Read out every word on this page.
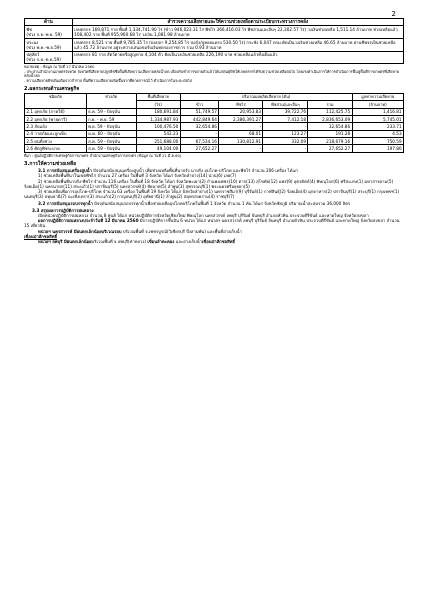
2
ด้าน	สำรวจความเสียหายและให้ความช่วยเหลือตามระเบียบกระทรวงการคลัง

พืช
(ช่วง ก.ย.-พ.ย. 59)	เกษตรกร 169,871 ราย พื้นที่ 1,334,741.90 ไร่ (ข้าว 946,023.31 ไร่ พืชไร่ 366,416.03 ไร่ พืชสวนและอื่นๆ 22,302.57 ไร่) วงเงินช่วยเหลือ 1,511.14 ล้านบาท ช่วยเหลือแล้ว 108,402 ราย พื้นที่ 955,960.68 ไร่ วงเงิน 1,081.98 ล้านบาท

ประมง
(ช่วง พ.ค.-พ.ย.59)	เกษตรกร 8,521 ราย พื้นที่ 9,785.35 ไร่ (บ่อปลา 9,254.85 ไร่ บ่อกุ้ง/ปูหอยแครง 530.50 ไร่) กระชัง 6,047 ตรม.คิดเป็นวงเงินช่วยเหลือ 46.65 ล้านบาท ผ่านชีพจรเป็นช่วยเหลือแล้ว 45.72 ล้านบาท อยู่ระหว่างเสนอขอรับเงินทดรองราชการ รวม 0.93 ล้านบาท

ปศุสัตว์
(ช่วง ก.ย.-ต.ค.59)	เกษตรกร 81 ราย สัตว์ตายหรือสูญหาย 4,104 ตัว คิดเป็นวงเงินช่วยเหลือ 226,190 บาท ช่วยเหลือแล้วทั้งเต็มแล้ว

หมายเหตุ : ข้อมูล ณ วันที่ 17 มีนาคม 2560

- ประสานสำนักงานเกษตรจังหวัด จังหวัดที่เสียหายปลูกพืชซึ่งพื้นที่เกิดความเสียหายหลังน้ำลด เพื่อปรับทำการขยายตัวแล้วได้แก่พันธุ์พืชให้เกษตรกรได้รับความช่วยเหลือต่อไป โดยเร่งดำเนินการให้การดำเนินการฟื้นฟูพื้นที่การเกษตรที่เสียหายหลังน้ำลด

- ความเสียหายพืชเพิ่มเติมจากสำรวจ พื้นที่ความเสียหายเพิ่มขึ้นจากที่คาดการณ์ไว้ ดำเนินการในระยะต่อไป

2.ผลกระทบด้านเศรษฐกิจ
ชนิดภัย	ช่วงภัย	พื้นที่เสียหาย	ปริมาณผลผลิตเสียหาย (ตัน)				มูลค่าความเสียหาย
		(ไร่)	ข้าว	พืชไร่	พืชสวน/และอื่นๆ	รวม	(ล้านบาท)
2.1 อุทกภัย (ภาคใต้)	ธ.ค. 59 - ปัจจุบัน	180,691.84	51,749.57	20,953.83	39,722.76	112,425.75	1,416.81
2.2 อุทกภัย (พายุดาวี)	ก.ย. - พ.ย. 59	1,334,987.93	442,849.64	2,386,391.27	7,412.18	2,836,653.09	5,745.01
2.3 ภัยแล้ง	พ.ย. 59 - ปัจจุบัน	100,476.50	32,654.86	-	-	32,654.86	233.71
2.4 วาตภัยและลูกเห็บ	ม.ค. 60 - ปัจจุบัน	542.23	-	68.01	123.27	191.28	4.53
2.5 ฝนทิ้งช่วง	ส.ค. 59 - ปัจจุบัน	251,688.00	67,534.16	130,812.91	332.09	218,679.16	750.59
2.6 ศัตรูพืชระบาด	ส.ค. 59 - ปัจจุบัน	49,104.00	27,652.27	-	-	27,652.27	197.86
ที่มา : ศูนย์ปฏิบัติการเศรษฐกิจการเกษตร สำนักงานเศรษฐกิจการเกษตร (ข้อมูล ณ วันที่ 21 มี.ค.60)
3.การให้ความช่วยเหลือ

3.1 การสนับสนุนเครื่องสูบน้ำ ปัจจุบันสนับสนุนเครื่องสูบน้ำ เพื่อช่วยเหลือพื้นที่นาปรัง นาปรัง อุปโภค-บริโภค และพืชไร่ จำนวน 206 เครื่อง ได้แก่

1) ช่วยเหลือพื้นที่นาในเขตพืชไร่ จำนวน 27 เครื่อง ในพื้นที่ 3 จังหวัด ได้แก่ จังหวัดลำปาง(14) น่าน(6) เลย(7)

2) ช่วยเหลือพื้นที่นาปรัง-พืชไร่ จำนวน 116 เครื่อง ในพื้นที่ 18 จังหวัด ได้แก่ จังหวัดพะเยา(2) กำแพงเพชร(10) ตาก(13) สุโขทัย(12) แพร่(9) อุตรดิตถ์(4) พิษณุโลก(6) ศรีสะเกษ(1) มหาสารคาม(5) ร้อยเอ็ด(1) นครนายก(11) สระแก้ว(1) ปราจีนบุรี(5) นครสวรรค์(4) ชัยนาท(5) ลำพูน(3) สุพรรณบุรี(1) พระนครศรีอยุธยา(5)

3) ช่วยเหลือเพื่อการอุปโภค-บริโภค จำนวน 63 เครื่อง ในพื้นที่ 19 จังหวัด ได้แก่ จังหวัดลำปาง(1) นครราชสีมา(9) บุรีรัมย์(1) กาฬสินธุ์(2) ร้อยเอ็ด(4) มุกดาหาร(2) ปราจีนบุรี(1) สระบุรี(1) กรุงเทพฯ(1) นนทบุรี(3) ปทุมธานี(7) ฉะเชิงเทรา(3) สระแก้ว(2) กาญจนบุรี(2) อุทัยธานี(1) ลำพูน(2) สมุทรสงคราม(4) ราชบุรี(7)

3.2 การสนับสนุนรถบรรทุกน้ำ ปัจจุบันสนับสนุนรถบรรทุกน้ำเพื่อช่วยเหลืออุปโภคบริโภคในพื้นที่ 1 จังหวัด จำนวน 1 คัน ได้แก่ จังหวัดชัยภูมิ ปริมาณน้ำสะสมรวม 36,000 ลิตร

3.3 สรุปผลการปฏิบัติการฝนหลวง

เปิดหน่วยปฏิบัติการฝนหลวง จำนวน 8 ศูนย์ ได้แก่ หน่วยปฏิบัติการจังหวัดเชียงใหม่ พิษณุโลก นครสวรรค์ ลพบุรี บุรีรัมย์ จันทบุรี อำเภอหัวหิน ประจวบคีรีขันธ์ และหาดใหญ่ จังหวัดสงขลา

ผลการปฏิบัติการฝนหลวงประจำวันที่ 12 มีนาคม 2560 มีการปฏิบัติการขึ้นบิน 6 หน่วย ได้แก่ หน่วยฯ นครสวรรค์ ลพบุรี บุรีรัมย์ จันทบุรี อำเภอหัวหิน ประจวบคีรีขันธ์ และหาดใหญ่ จังหวัดสงขลา จำนวน 15 เที่ยวบิน

หน่วยฯ นครสวรรค์ มีฝนตกเล็กน้อยบริเวณรอบ บริเวณพื้นที่ จ.เพชรบูรณ์(วิเชียรบุรี บึงสามพัน) และพื้นที่อ่างเก็บน้ำ

เขื่อนป่าสักชลสิทธิ์

หน่วยฯ ลพบุรี มีฝนตกเล็กน้อยบริเวณพื้นที่ จ.ลพบุรี(ท่าหลวง) เขื่อนลำตะคอง และอ่างเก็บน้ำเขื่อนป่าสักชลสิทธิ์
